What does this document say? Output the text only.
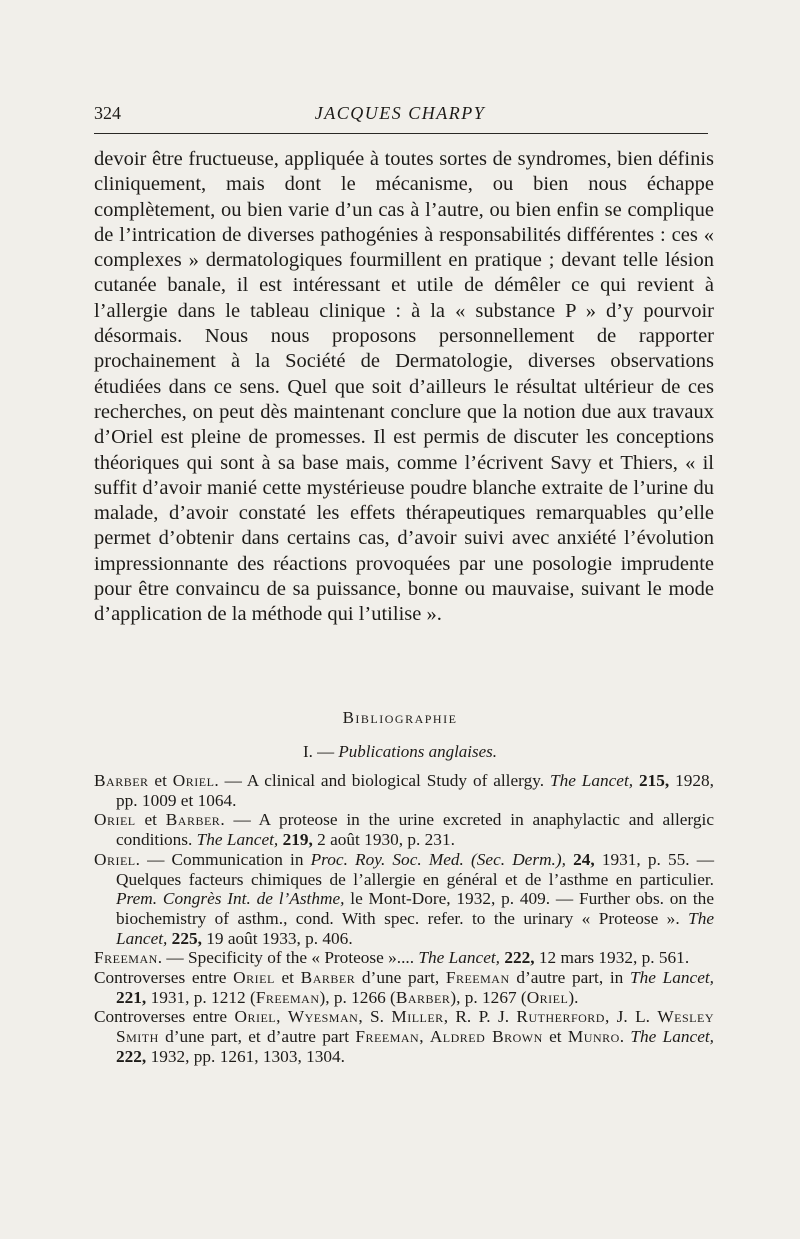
324	JACQUES CHARPY

devoir être fructueuse, appliquée à toutes sortes de syndromes, bien définis cliniquement, mais dont le mécanisme, ou bien nous échappe complètement, ou bien varie d’un cas à l’autre, ou bien enfin se complique de l’intrication de diverses pathogénies à responsabilités différentes : ces « complexes » dermatologiques fourmillent en pratique ; devant telle lésion cutanée banale, il est intéressant et utile de démêler ce qui revient à l’allergie dans le tableau clinique : à la « substance P » d’y pourvoir désormais. Nous nous proposons personnellement de rapporter prochainement à la Société de Dermatologie, diverses observations étudiées dans ce sens. Quel que soit d’ailleurs le résultat ultérieur de ces recherches, on peut dès maintenant conclure que la notion due aux travaux d’Oriel est pleine de promesses. Il est permis de discuter les conceptions théoriques qui sont à sa base mais, comme l’écrivent Savy et Thiers, « il suffit d’avoir manié cette mystérieuse poudre blanche extraite de l’urine du malade, d’avoir constaté les effets thérapeutiques remarquables qu’elle permet d’obtenir dans certains cas, d’avoir suivi avec anxiété l’évolution impressionnante des réactions provoquées par une posologie imprudente pour être convaincu de sa puissance, bonne ou mauvaise, suivant le mode d’application de la méthode qui l’utilise ».

Bibliographie
I. — Publications anglaises.
Barber et Oriel. — A clinical and biological Study of allergy. The Lancet, 215, 1928, pp. 1009 et 1064.
Oriel et Barber. — A proteose in the urine excreted in anaphylactic and allergic conditions. The Lancet, 219, 2 août 1930, p. 231.
Oriel. — Communication in Proc. Roy. Soc. Med. (Sec. Derm.), 24, 1931, p. 55. — Quelques facteurs chimiques de l’allergie en général et de l’asthme en particulier. Prem. Congrès Int. de l’Asthme, le Mont-Dore, 1932, p. 409. — Further obs. on the biochemistry of asthm., cond. With spec. refer. to the urinary « Proteose ». The Lancet, 225, 19 août 1933, p. 406.
Freeman. — Specificity of the « Proteose ».... The Lancet, 222, 12 mars 1932, p. 561.
Controverses entre Oriel et Barber d’une part, Freeman d’autre part, in The Lancet, 221, 1931, p. 1212 (Freeman), p. 1266 (Barber), p. 1267 (Oriel).
Controverses entre Oriel, Wyesman, S. Miller, R. P. J. Rutherford, J. L. Wesley Smith d’une part, et d’autre part Freeman, Aldred Brown et Munro. The Lancet, 222, 1932, pp. 1261, 1303, 1304.
